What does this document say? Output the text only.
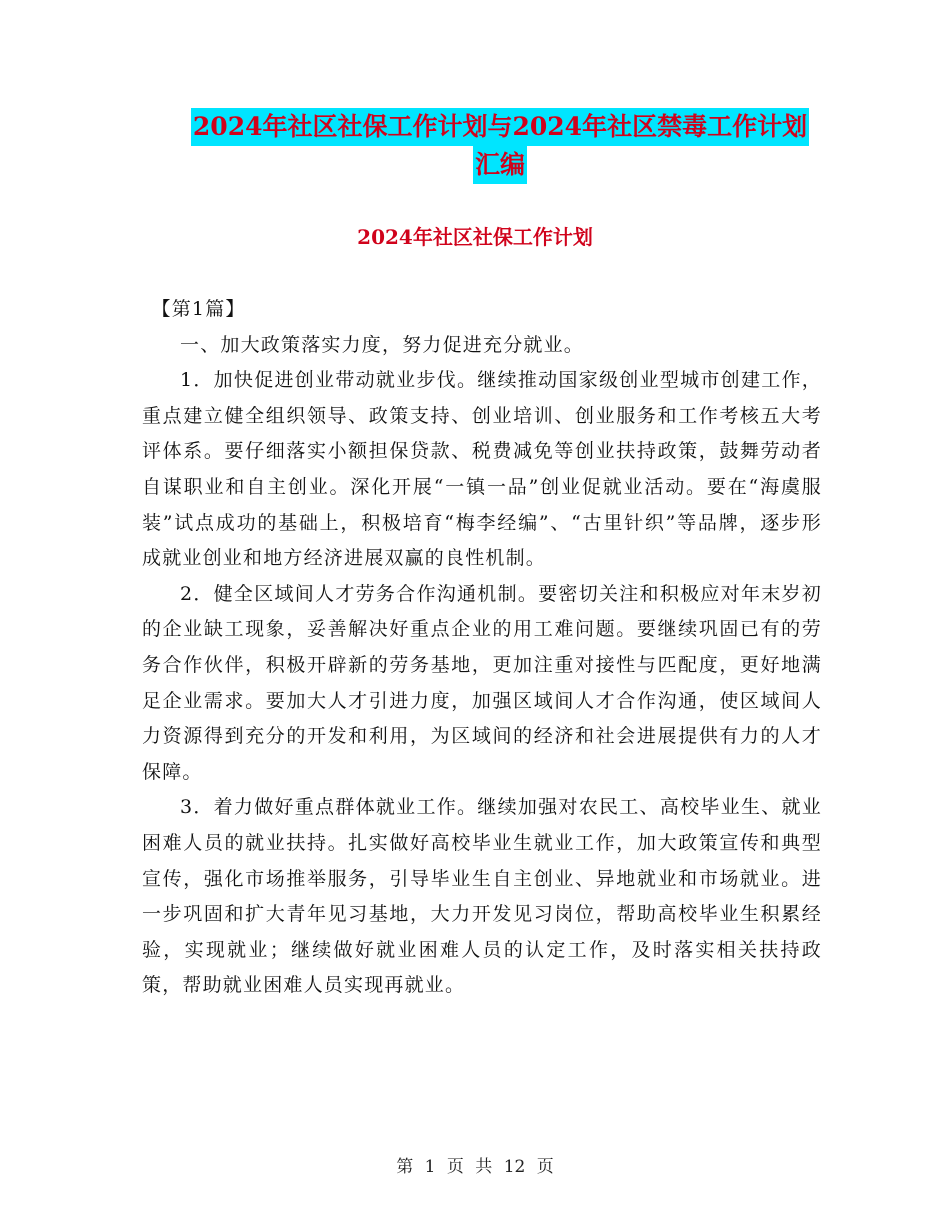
2024年社区社保工作计划与2024年社区禁毒工作计划
汇编
2024年社区社保工作计划

【第1篇】

一、加大政策落实力度，努力促进充分就业。

1．加快促进创业带动就业步伐。继续推动国家级创业型城市创建工作，重点建立健全组织领导、政策支持、创业培训、创业服务和工作考核五大考评体系。要仔细落实小额担保贷款、税费减免等创业扶持政策，鼓舞劳动者自谋职业和自主创业。深化开展“一镇一品”创业促就业活动。要在“海虞服装”试点成功的基础上，积极培育“梅李经编”、“古里针织”等品牌，逐步形成就业创业和地方经济进展双赢的良性机制。

2．健全区域间人才劳务合作沟通机制。要密切关注和积极应对年末岁初的企业缺工现象，妥善解决好重点企业的用工难问题。要继续巩固已有的劳务合作伙伴，积极开辟新的劳务基地，更加注重对接性与匹配度，更好地满足企业需求。要加大人才引进力度，加强区域间人才合作沟通，使区域间人力资源得到充分的开发和利用，为区域间的经济和社会进展提供有力的人才保障。

3．着力做好重点群体就业工作。继续加强对农民工、高校毕业生、就业困难人员的就业扶持。扎实做好高校毕业生就业工作，加大政策宣传和典型宣传，强化市场推举服务，引导毕业生自主创业、异地就业和市场就业。进一步巩固和扩大青年见习基地，大力开发见习岗位，帮助高校毕业生积累经验，实现就业；继续做好就业困难人员的认定工作，及时落实相关扶持政策，帮助就业困难人员实现再就业。

第 1 页 共 12 页
